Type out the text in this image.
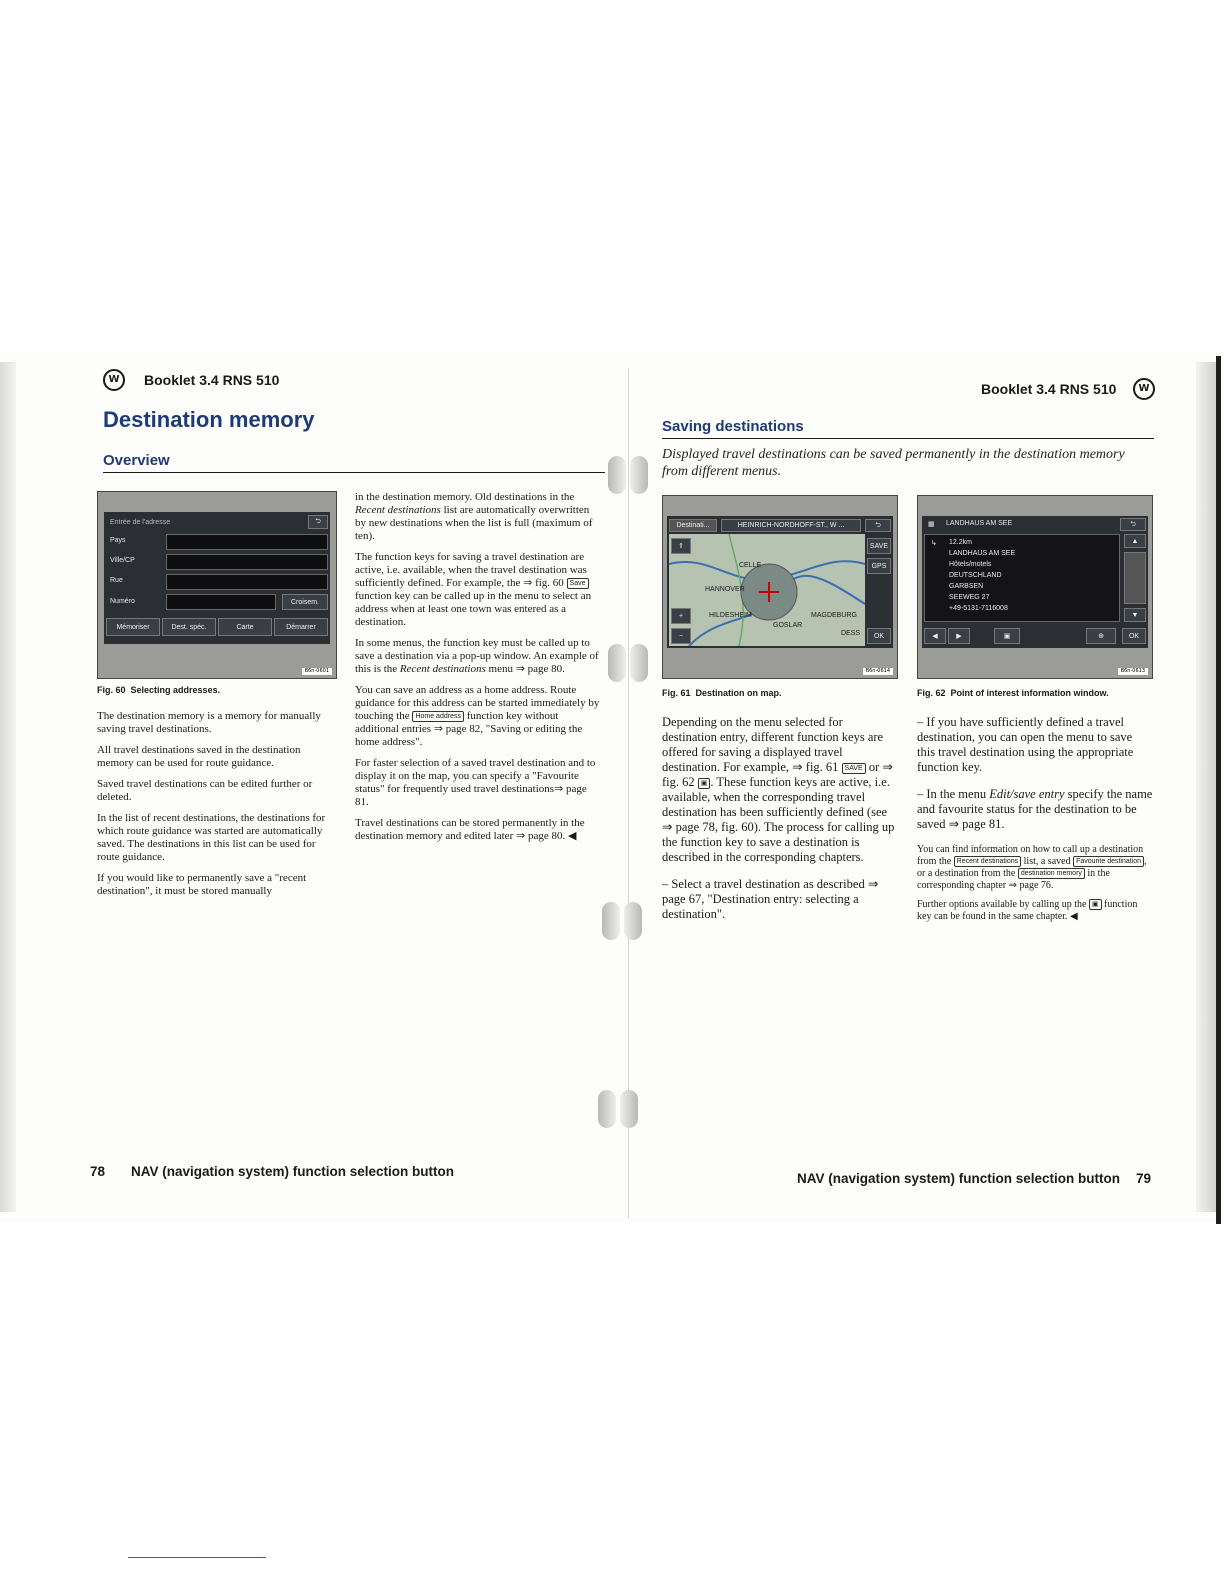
W	Booklet 3.4 RNS 510
Destination memory
Overview
Entrée de l'adresse	⮌
Pays
Ville/CP
Rue
Numéro	Croisem.
Mémoriser	Dest. spéc.	Carte	Démarrer
B6n-0601
Fig. 60 Selecting addresses.

The destination memory is a memory for manually saving travel destinations.

All travel destinations saved in the destination memory can be used for route guidance.

Saved travel destinations can be edited further or deleted.

In the list of recent destinations, the destinations for which route guidance was started are automatically saved. The destinations in this list can be used for route guidance.

If you would like to permanently save a "recent destination", it must be stored manually

in the destination memory. Old destinations in the Recent destinations list are automatically overwritten by new destinations when the list is full (maximum of ten).

The function keys for saving a travel destination are active, i.e. available, when the travel destination was sufficiently defined. For example, the ⇒ fig. 60 Save function key can be called up in the menu to select an address when at least one town was entered as a destination.

In some menus, the function key must be called up to save a destination via a pop-up window. An example of this is the Recent destinations menu ⇒ page 80.

You can save an address as a home address. Route guidance for this address can be started immediately by touching the Home address function key without additional entries ⇒ page 82, "Saving or editing the home address".

For faster selection of a saved travel destination and to display it on the map, you can specify a "Favourite status" for frequently used travel destinations⇒ page 81.

Travel destinations can be stored permanently in the destination memory and edited later ⇒ page 80. ◀

78 NAV (navigation system) function selection button
Booklet 3.4 RNS 510	W
Saving destinations
Displayed travel destinations can be saved permanently in the destination memory from different menus.
Destinati...	HEINRICH-NORDHOFF-ST., W ...	⮌
CELLE
HANNOVER
HILDESHEIM
GOSLAR
MAGDEBURG
DESS
⇑
+
−
SAVE
GPS
OK
B6n-0614
Fig. 61 Destination on map.
▦ LANDHAUS AM SEE	⮌
↳ 12.2km
LANDHAUS AM SEE
Hôtels/motels
DEUTSCHLAND
GARBSEN
SEEWEG 27
+49-5131-7116008
▲
▼
◀	▶	▣	⊕	OK
B6n-0613
Fig. 62 Point of interest information window.

Depending on the menu selected for destination entry, different function keys are offered for saving a displayed travel destination. For example, ⇒ fig. 61 SAVE or ⇒ fig. 62 ▣ . These function keys are active, i.e. available, when the corresponding travel destination has been sufficiently defined (see ⇒ page 78, fig. 60). The process for calling up the function key to save a destination is described in the corresponding chapters.

– Select a travel destination as described ⇒ page 67, "Destination entry: selecting a destination".

– If you have sufficiently defined a travel destination, you can open the menu to save this travel destination using the appropriate function key.

– In the menu Edit/save entry specify the name and favourite status for the destination to be saved ⇒ page 81.

You can find information on how to call up a destination from the Recent destinations list, a saved Favourite destination , or a destination from the destination memory in the corresponding chapter ⇒ page 76.

Further options available by calling up the ▣ function key can be found in the same chapter. ◀

NAV (navigation system) function selection button 79
